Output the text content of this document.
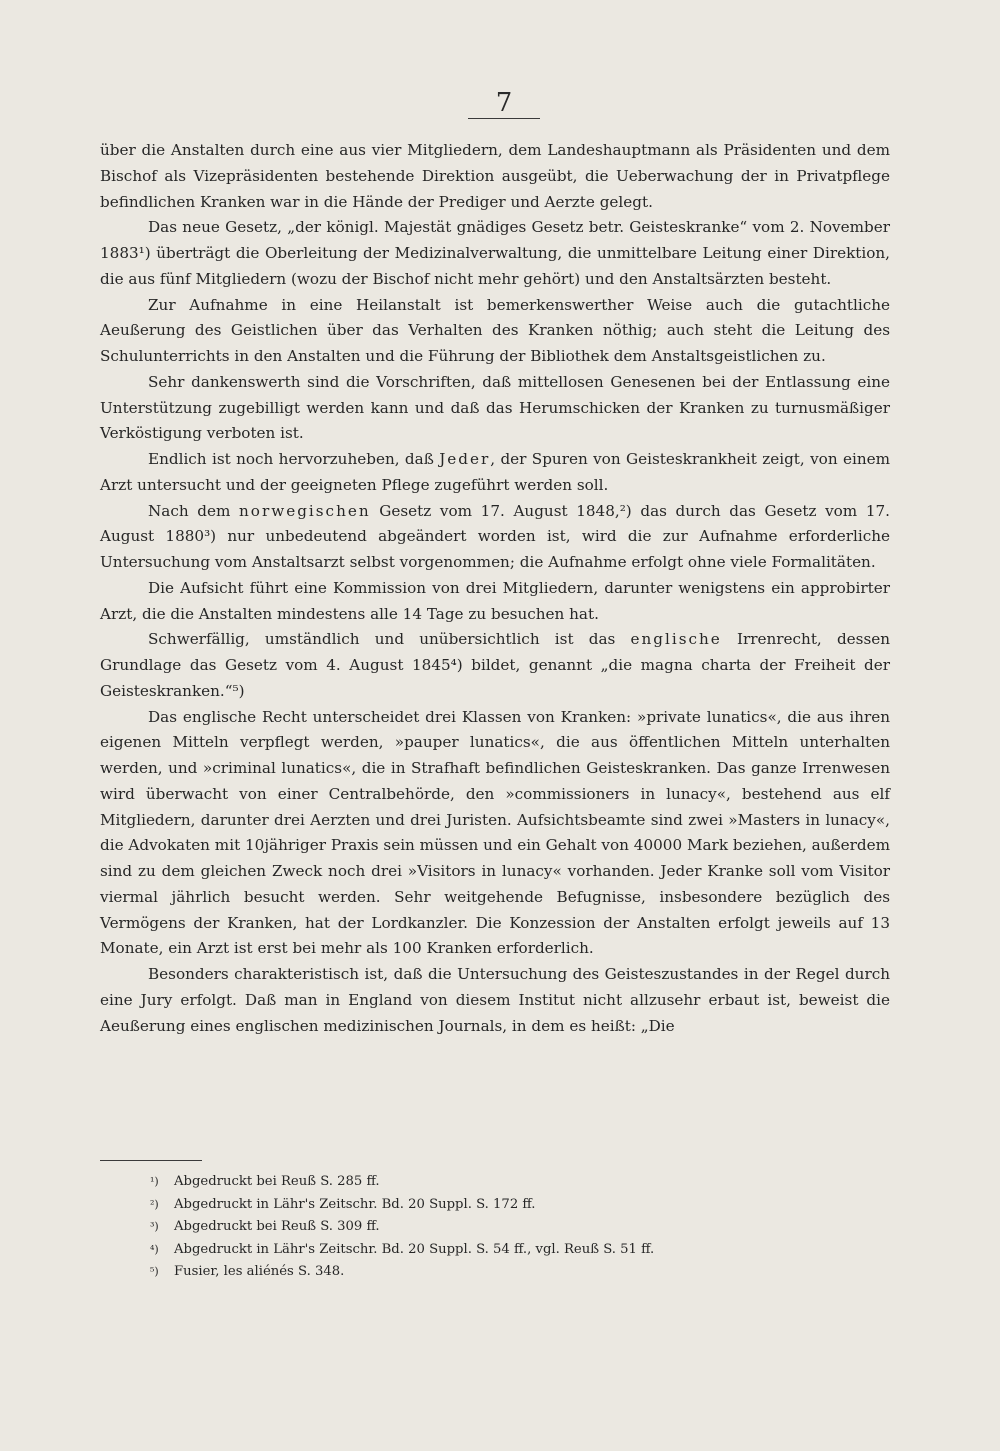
7

über die Anstalten durch eine aus vier Mitgliedern, dem Landeshauptmann als Präsidenten und dem Bischof als Vizepräsidenten bestehende Direktion ausgeübt, die Ueberwachung der in Privatpflege befindlichen Kranken war in die Hände der Prediger und Aerzte gelegt.

Das neue Gesetz, „der königl. Majestät gnädiges Gesetz betr. Geisteskranke“ vom 2. November 1883¹) überträgt die Oberleitung der Medizinalverwaltung, die unmittelbare Leitung einer Direktion, die aus fünf Mitgliedern (wozu der Bischof nicht mehr gehört) und den Anstaltsärzten besteht.

Zur Aufnahme in eine Heilanstalt ist bemerkenswerther Weise auch die gutachtliche Aeußerung des Geistlichen über das Verhalten des Kranken nöthig; auch steht die Leitung des Schulunterrichts in den Anstalten und die Führung der Bibliothek dem Anstaltsgeistlichen zu.

Sehr dankenswerth sind die Vorschriften, daß mittellosen Genesenen bei der Entlassung eine Unterstützung zugebilligt werden kann und daß das Herumschicken der Kranken zu turnusmäßiger Verköstigung verboten ist.

Endlich ist noch hervorzuheben, daß Jeder, der Spuren von Geisteskrankheit zeigt, von einem Arzt untersucht und der geeigneten Pflege zugeführt werden soll.

Nach dem norwegischen Gesetz vom 17. August 1848,²) das durch das Gesetz vom 17. August 1880³) nur unbedeutend abgeändert worden ist, wird die zur Aufnahme erforderliche Untersuchung vom Anstaltsarzt selbst vorgenommen; die Aufnahme erfolgt ohne viele Formalitäten.

Die Aufsicht führt eine Kommission von drei Mitgliedern, darunter wenigstens ein approbirter Arzt, die die Anstalten mindestens alle 14 Tage zu besuchen hat.

Schwerfällig, umständlich und unübersichtlich ist das englische Irrenrecht, dessen Grundlage das Gesetz vom 4. August 1845⁴) bildet, genannt „die magna charta der Freiheit der Geisteskranken.“⁵)

Das englische Recht unterscheidet drei Klassen von Kranken: »private lunatics«, die aus ihren eigenen Mitteln verpflegt werden, »pauper lunatics«, die aus öffentlichen Mitteln unterhalten werden, und »criminal lunatics«, die in Strafhaft befindlichen Geisteskranken. Das ganze Irrenwesen wird überwacht von einer Centralbehörde, den »commissioners in lunacy«, bestehend aus elf Mitgliedern, darunter drei Aerzten und drei Juristen. Aufsichtsbeamte sind zwei »Masters in lunacy«, die Advokaten mit 10jähriger Praxis sein müssen und ein Gehalt von 40000 Mark beziehen, außerdem sind zu dem gleichen Zweck noch drei »Visitors in lunacy« vorhanden. Jeder Kranke soll vom Visitor viermal jährlich besucht werden. Sehr weitgehende Befugnisse, insbesondere bezüglich des Vermögens der Kranken, hat der Lordkanzler. Die Konzession der Anstalten erfolgt jeweils auf 13 Monate, ein Arzt ist erst bei mehr als 100 Kranken erforderlich.

Besonders charakteristisch ist, daß die Untersuchung des Geisteszustandes in der Regel durch eine Jury erfolgt. Daß man in England von diesem Institut nicht allzusehr erbaut ist, beweist die Aeußerung eines englischen medizinischen Journals, in dem es heißt: „Die

¹) Abgedruckt bei Reuß S. 285 ff.
²) Abgedruckt in Lähr's Zeitschr. Bd. 20 Suppl. S. 172 ff.
³) Abgedruckt bei Reuß S. 309 ff.
⁴) Abgedruckt in Lähr's Zeitschr. Bd. 20 Suppl. S. 54 ff., vgl. Reuß S. 51 ff.
⁵) Fusier, les aliénés S. 348.
